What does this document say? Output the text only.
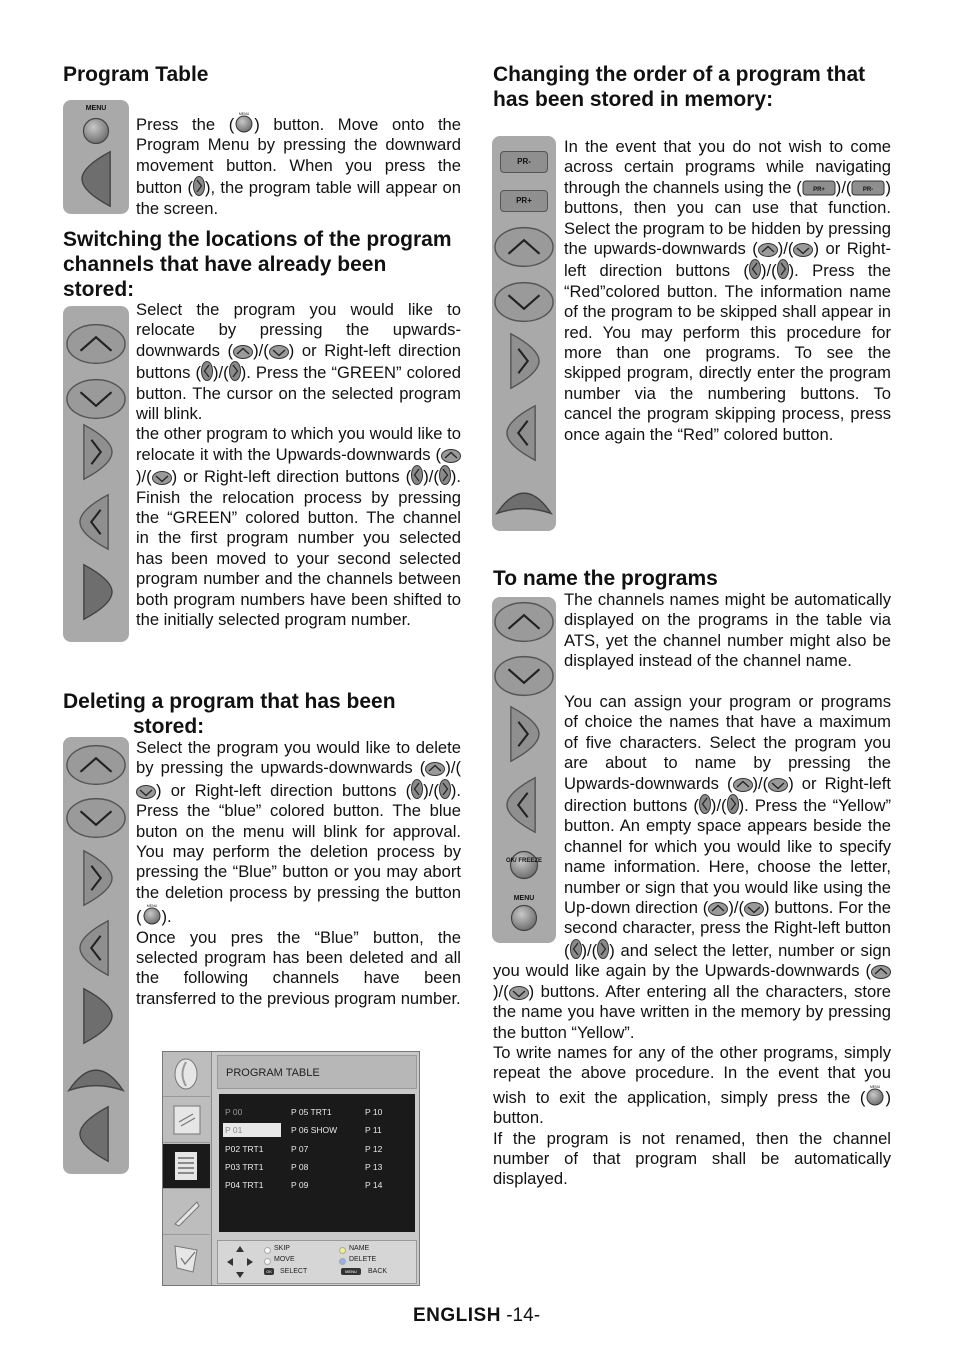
Program Table
MENU

Press the ( ) button. Move onto the Program Menu by pressing the downward movement button. When you press the button ( ), the program table will appear on the screen.

Switching the locations of the program
channels that have already been
stored:

Select the program you would like to relocate by pressing the upwards-downwards ( )/( ) or Right-left direction buttons ( )/( ). Press the “GREEN” colored button. The cursor on the selected program will blink.

the other program to which you would like to relocate it with the Upwards-downwards ()/( ) or Right-left direction buttons ( )/( ). Finish the relocation process by pressing the “GREEN” colored button. The channel in the first program number you selected has been moved to your second selected program number and the channels between both program numbers have been shifted to the initially selected program number.

Deleting a program that has been
stored:

Select the program you would like to delete by pressing the upwards-downwards ( )/() or Right-left direction buttons ( )/( ). Press the “blue” colored button. The blue buton on the menu will blink for approval. You may perform the deletion process by pressing the “Blue” button or you may abort the deletion process by pressing the button ( ).

Once you pres the “Blue” button, the selected program has been deleted and all the following channels have been transferred to the previous program number.

PROGRAM TABLE
P 00
P 01
P02 TRT1
P03 TRT1
P04 TRT1
P 05 TRT1
P 06 SHOW
P 07
P 08
P 09
P 10
P 11
P 12
P 13
P 14
SKIP
MOVE
OK	SELECT
NAME
DELETE
MENU	BACK
Changing the order of a program that
has been stored in memory:
PR-
PR+

In the event that you do not wish to come across certain programs while navigating through the channels using the ( PR+ )/( PR- ) buttons, then you can use that function. Select the program to be hidden by pressing the upwards-downwards ( )/( ) or Right-left direction buttons ( )/( ). Press the “Red”colored button. The information name of the program to be skipped shall appear in red. You may perform this procedure for more than one programs. To see the skipped program, directly enter the program number via the numbering buttons. To cancel the program skipping process, press once again the “Red” colored button.

To name the programs
OK/ FREEZE
MENU

The channels names might be automatically displayed on the programs in the table via ATS, yet the channel number might also be displayed instead of the channel name.

You can assign your program or programs of choice the names that have a maximum of five characters. Select the program you are about to name by pressing the Upwards-downwards ( )/( ) or Right-left direction buttons ( )/( ). Press the “Yellow” button. An empty space appears beside the channel for which you would like to specify name information. Here, choose the letter, number or sign that you would like using the Up-down direction ( )/( ) buttons. For the second character, press the Right-left button ( )/( ) and select the letter, number or sign you would like again by the Upwards-downwards ()/( ) buttons. After entering all the characters, store the name you have written in the memory by pressing the button “Yellow”.

To write names for any of the other programs, simply repeat the above procedure. In the event that you wish to exit the application, simply press the ( ) button.

If the program is not renamed, then the channel number of that program shall be automatically displayed.

ENGLISH -14-
